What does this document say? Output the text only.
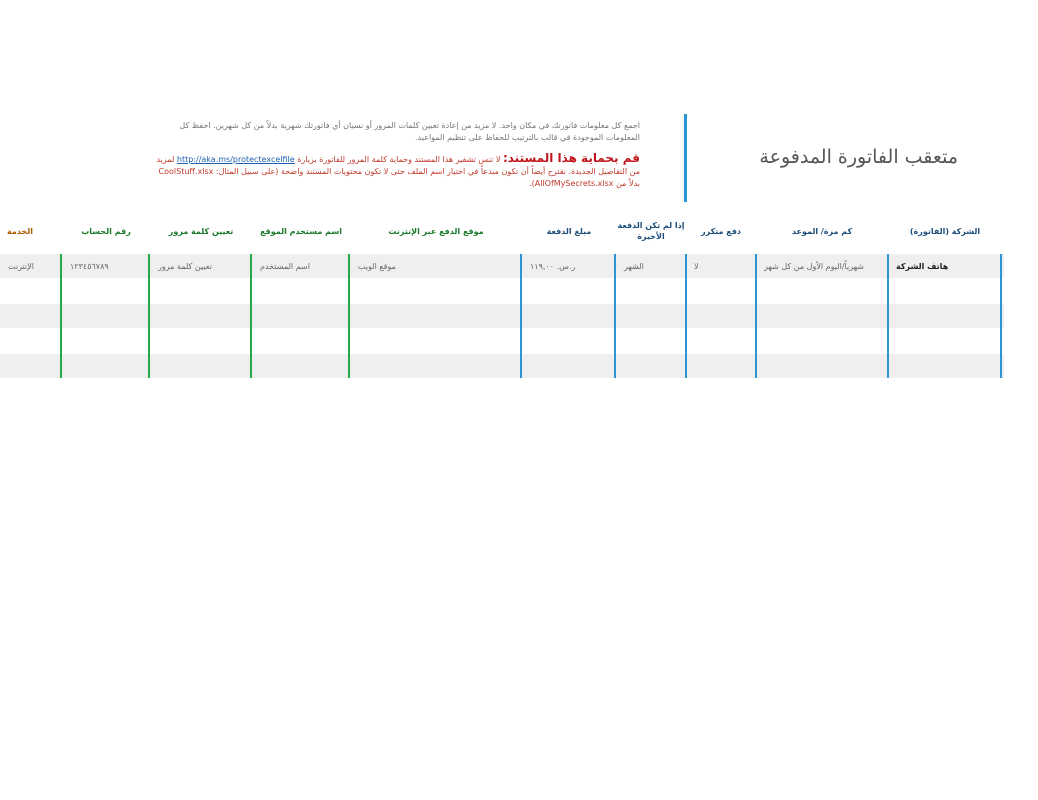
متعقب الفاتورة المدفوعة
اجمع كل معلومات فاتورتك في مكان واحد. لا مزيد من إعادة تعيين كلمات المرور أو نسيان أي فاتورتك شهرية بدلاً من كل شهرين. احفظ كل المعلومات الموجودة في قالب بالترتيب للحفاظ على تنظيم المواعيد.
قم بحماية هذا المستند: لا تنس تشفير هذا المستند وحماية كلمة المرور للفاتورة بزيارة http://aka.ms/protectexcelfile لمزيد من التفاصيل الجديدة. نقترح أيضاً أن تكون مبدعاً في اختيار اسم الملف حتى لا تكون محتويات المستند واضحة (على سبيل المثال: CoolStuff.xlsx بدلاً من AllOfMySecrets.xlsx).
الشركة (الفاتورة)
كم مرة/ الموعد
دفع متكرر
إذا لم تكن الدفعة الأخيرة
مبلغ الدفعة
موقع الدفع عبر الإنترنت
اسم مستخدم الموقع
تعيين كلمة مرور
رقم الحساب
الخدمة
هاتف الشركة
شهرياً/اليوم الأول من كل شهر
لا
الشهر
ر.س. ١١٩,٠٠
موقع الويب
اسم المستخدم
تعيين كلمة مرور
١٢٣٤٥٦٧٨٩
الإنترنت
